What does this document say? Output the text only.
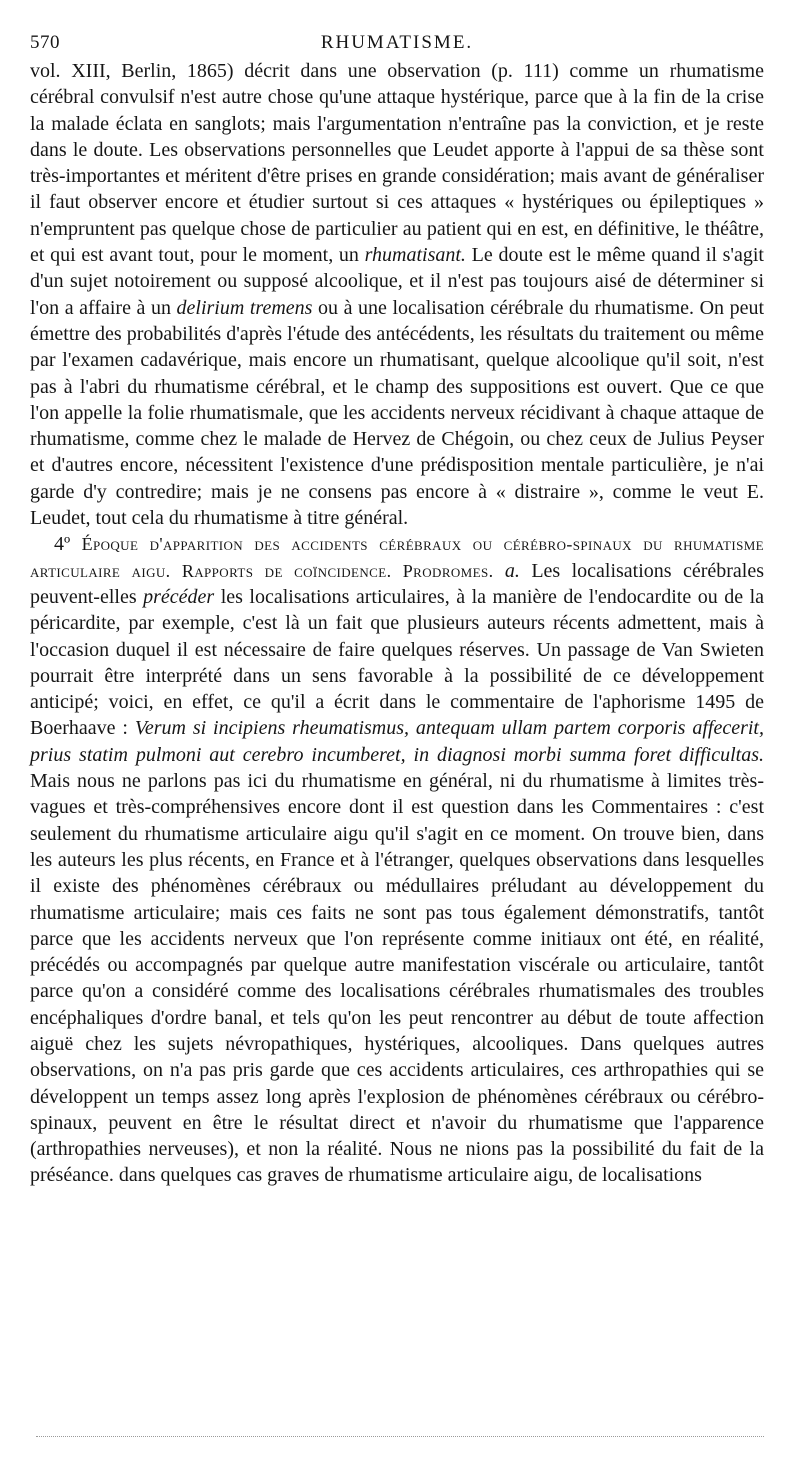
570	RHUMATISME.

vol. XIII, Berlin, 1865) décrit dans une observation (p. 111) comme un rhumatisme cérébral convulsif n'est autre chose qu'une attaque hystérique, parce que à la fin de la crise la malade éclata en sanglots; mais l'argumentation n'entraîne pas la conviction, et je reste dans le doute. Les observations personnelles que Leudet apporte à l'appui de sa thèse sont très-importantes et méritent d'être prises en grande considération; mais avant de généraliser il faut observer encore et étudier surtout si ces attaques « hystériques ou épileptiques » n'empruntent pas quelque chose de particulier au patient qui en est, en définitive, le théâtre, et qui est avant tout, pour le moment, un rhumatisant. Le doute est le même quand il s'agit d'un sujet notoirement ou supposé alcoolique, et il n'est pas toujours aisé de déterminer si l'on a affaire à un delirium tremens ou à une localisation cérébrale du rhumatisme. On peut émettre des probabilités d'après l'étude des antécédents, les résultats du traitement ou même par l'examen cadavérique, mais encore un rhumatisant, quelque alcoolique qu'il soit, n'est pas à l'abri du rhumatisme cérébral, et le champ des suppositions est ouvert. Que ce que l'on appelle la folie rhumatismale, que les accidents nerveux récidivant à chaque attaque de rhumatisme, comme chez le malade de Hervez de Chégoin, ou chez ceux de Julius Peyser et d'autres encore, nécessitent l'existence d'une prédisposition mentale particulière, je n'ai garde d'y contredire; mais je ne consens pas encore à « distraire », comme le veut E. Leudet, tout cela du rhumatisme à titre général.

4º Époque d'apparition des accidents cérébraux ou cérébro-spinaux du rhumatisme articulaire aigu. Rapports de coïncidence. Prodromes. a. Les localisations cérébrales peuvent-elles précéder les localisations articulaires, à la manière de l'endocardite ou de la péricardite, par exemple, c'est là un fait que plusieurs auteurs récents admettent, mais à l'occasion duquel il est nécessaire de faire quelques réserves. Un passage de Van Swieten pourrait être interprété dans un sens favorable à la possibilité de ce développement anticipé; voici, en effet, ce qu'il a écrit dans le commentaire de l'aphorisme 1495 de Boerhaave : Verum si incipiens rheumatismus, antequam ullam partem corporis affecerit, prius statim pulmoni aut cerebro incumberet, in diagnosi morbi summa foret difficultas. Mais nous ne parlons pas ici du rhumatisme en général, ni du rhumatisme à limites très-vagues et très-compréhensives encore dont il est question dans les Commentaires : c'est seulement du rhumatisme articulaire aigu qu'il s'agit en ce moment. On trouve bien, dans les auteurs les plus récents, en France et à l'étranger, quelques observations dans lesquelles il existe des phénomènes cérébraux ou médullaires préludant au développement du rhumatisme articulaire; mais ces faits ne sont pas tous également démonstratifs, tantôt parce que les accidents nerveux que l'on représente comme initiaux ont été, en réalité, précédés ou accompagnés par quelque autre manifestation viscérale ou articulaire, tantôt parce qu'on a considéré comme des localisations cérébrales rhumatismales des troubles encéphaliques d'ordre banal, et tels qu'on les peut rencontrer au début de toute affection aiguë chez les sujets névropathiques, hystériques, alcooliques. Dans quelques autres observations, on n'a pas pris garde que ces accidents articulaires, ces arthropathies qui se développent un temps assez long après l'explosion de phénomènes cérébraux ou cérébro-spinaux, peuvent en être le résultat direct et n'avoir du rhumatisme que l'apparence (arthropathies nerveuses), et non la réalité. Nous ne nions pas la possibilité du fait de la préséance. dans quelques cas graves de rhumatisme articulaire aigu, de localisations
